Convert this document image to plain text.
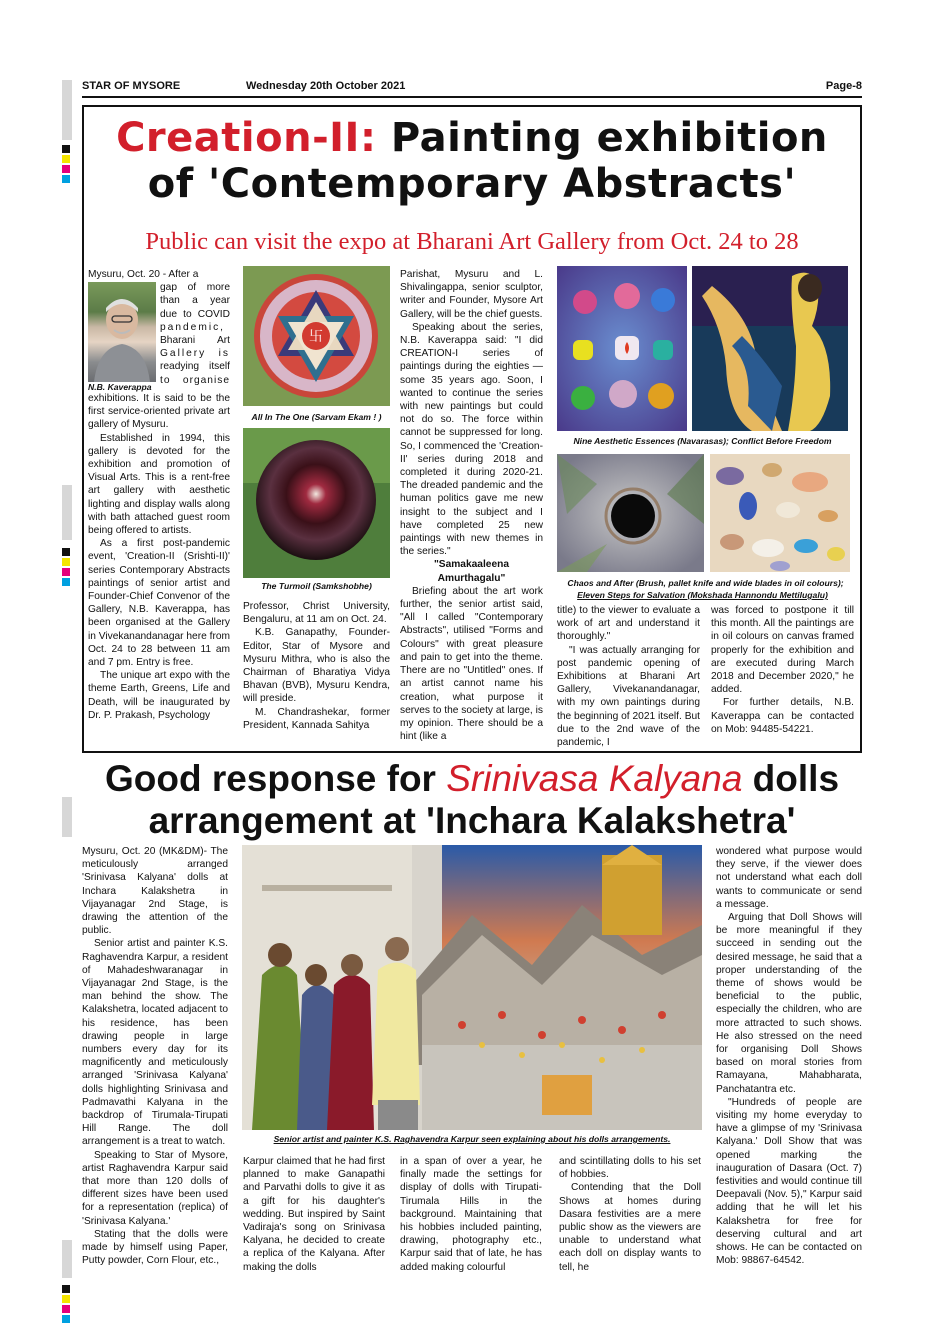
STAR OF MYSORE	Wednesday 20th October 2021	Page-8
Creation-II: Painting exhibition
of 'Contemporary Abstracts'
Public can visit the expo at Bharani Art Gallery from Oct. 24 to 28
N.B. Kaverappa

Mysuru, Oct. 20 - After a

gap of more

than a year

due to COVID

pandemic,

Bharani Art

Gallery is

readying itself

to organise

exhibitions. It is said to be the first service-oriented private art gallery of Mysuru.

Established in 1994, this gallery is devoted for the exhibition and promotion of Visual Arts. This is a rent-free art gallery with aesthetic lighting and display walls along with bath attached guest room being offered to artists.

As a first post-pandemic event, 'Creation-II (Srishti-II)' series Contemporary Abstracts paintings of senior artist and Founder-Chief Convenor of the Gallery, N.B. Kaverappa, has been organised at the Gallery in Vivekanandanagar here from Oct. 24 to 28 between 11 am and 7 pm. Entry is free.

The unique art expo with the theme Earth, Greens, Life and Death, will be inaugurated by Dr. P. Prakash, Psychology

卐
All In The One (Sarvam Ekam ! )
The Turmoil (Samkshobhe)

Professor, Christ University, Bengaluru, at 11 am on Oct. 24.

K.B. Ganapathy, Founder-Editor, Star of Mysore and Mysuru Mithra, who is also the Chairman of Bharatiya Vidya Bhavan (BVB), Mysuru Kendra, will preside.

M. Chandrashekar, former President, Kannada Sahitya

Parishat, Mysuru and L. Shivalingappa, senior sculptor, writer and Founder, Mysore Art Gallery, will be the chief guests.

Speaking about the series, N.B. Kaverappa said: "I did CREATION-I series of paintings during the eighties — some 35 years ago. Soon, I wanted to continue the series with new paintings but could not do so. The force within cannot be suppressed for long. So, I commenced the 'Creation-II' series during 2018 and completed it during 2020-21. The dreaded pandemic and the human politics gave me new insight to the subject and I have completed 25 new paintings with new themes in the series."

"Samakaaleena Amurthagalu"

Briefing about the art work further, the senior artist said, "All I called "Contemporary Abstracts", utilised "Forms and Colours" with great pleasure and pain to get into the theme. There are no "Untitled" ones. If an artist cannot name his creation, what purpose it serves to the society at large, is my opinion. There should be a hint (like a

Nine Aesthetic Essences (Navarasas); Conflict Before Freedom
Chaos and After (Brush, pallet knife and wide blades in oil colours);
Eleven Steps for Salvation (Mokshada Hannondu Mettilugalu)

title) to the viewer to evaluate a work of art and understand it thoroughly."

"I was actually arranging for post pandemic opening of Exhibitions at Bharani Art Gallery, Vivekanandanagar, with my own paintings during the beginning of 2021 itself. But due to the 2nd wave of the pandemic, I

was forced to postpone it till this month. All the paintings are in oil colours on canvas framed properly for the exhibition and are executed during March 2018 and December 2020," he added.

For further details, N.B. Kaverappa can be contacted on Mob: 94485-54221.

Good response for Srinivasa Kalyana dolls
arrangement at 'Inchara Kalakshetra'

Mysuru, Oct. 20 (MK&DM)- The meticulously arranged 'Srinivasa Kalyana' dolls at Inchara Kalakshetra in Vijayanagar 2nd Stage, is drawing the attention of the public.

Senior artist and painter K.S. Raghavendra Karpur, a resident of Mahadeshwaranagar in Vijayanagar 2nd Stage, is the man behind the show. The Kalakshetra, located adjacent to his residence, has been drawing people in large numbers every day for its magnificently and meticulously arranged 'Srinivasa Kalyana' dolls highlighting Srinivasa and Padmavathi Kalyana in the backdrop of Tirumala-Tirupati Hill Range. The doll arrangement is a treat to watch.

Speaking to Star of Mysore, artist Raghavendra Karpur said that more than 120 dolls of different sizes have been used for a representation (replica) of 'Srinivasa Kalyana.'

Stating that the dolls were made by himself using Paper, Putty powder, Corn Flour, etc.,

Senior artist and painter K.S. Raghavendra Karpur seen explaining about his dolls arrangements.

Karpur claimed that he had first planned to make Ganapathi and Parvathi dolls to give it as a gift for his daughter's wedding. But inspired by Saint Vadiraja's song on Srinivasa Kalyana, he decided to create a replica of the Kalyana. After making the dolls

in a span of over a year, he finally made the settings for display of dolls with Tirupati-Tirumala Hills in the background. Maintaining that his hobbies included painting, drawing, photography etc., Karpur said that of late, he has added making colourful

and scintillating dolls to his set of hobbies.

Contending that the Doll Shows at homes during Dasara festivities are a mere public show as the viewers are unable to understand what each doll on display wants to tell, he

wondered what purpose would they serve, if the viewer does not understand what each doll wants to communicate or send a message.

Arguing that Doll Shows will be more meaningful if they succeed in sending out the desired message, he said that a proper understanding of the theme of shows would be beneficial to the public, especially the children, who are more attracted to such shows. He also stressed on the need for organising Doll Shows based on moral stories from Ramayana, Mahabharata, Panchatantra etc.

"Hundreds of people are visiting my home everyday to have a glimpse of my 'Srinivasa Kalyana.' Doll Show that was opened marking the inauguration of Dasara (Oct. 7) festivities and would continue till Deepavali (Nov. 5)," Karpur said adding that he will let his Kalakshetra for free for deserving cultural and art shows. He can be contacted on Mob: 98867-64542.
